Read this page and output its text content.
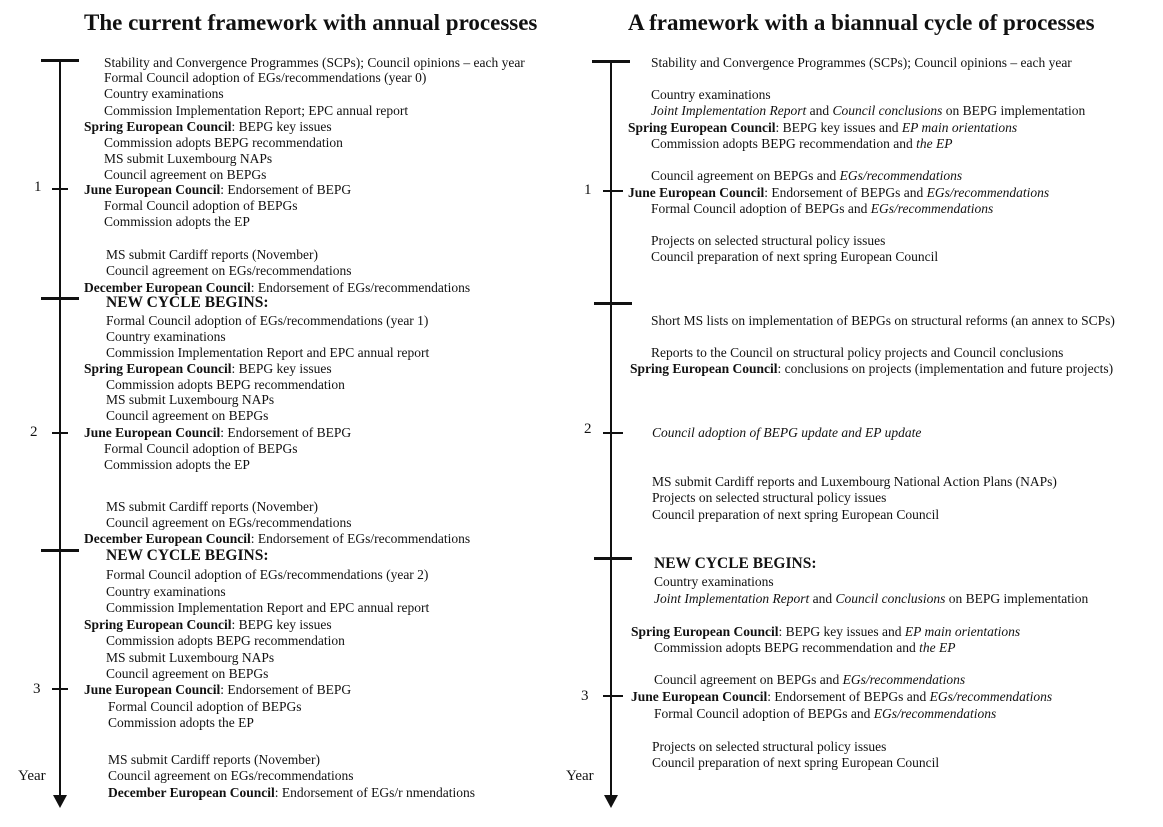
The current framework with annual processes
1
2
3
Year
Stability and Convergence Programmes (SCPs); Council opinions – each year
Formal Council adoption of EGs/recommendations (year 0)
Country examinations
Commission Implementation Report; EPC annual report
Spring European Council: BEPG key issues
Commission adopts BEPG recommendation
MS submit Luxembourg NAPs
Council agreement on BEPGs
June European Council: Endorsement of BEPG
Formal Council adoption of BEPGs
Commission adopts the EP
MS submit Cardiff reports (November)
Council agreement on EGs/recommendations
December European Council: Endorsement of EGs/recommendations
NEW CYCLE BEGINS:
Formal Council adoption of EGs/recommendations (year 1)
Country examinations
Commission Implementation Report and EPC annual report
Spring European Council: BEPG key issues
Commission adopts BEPG recommendation
MS submit Luxembourg NAPs
Council agreement on BEPGs
June European Council: Endorsement of BEPG
Formal Council adoption of BEPGs
Commission adopts the EP
MS submit Cardiff reports (November)
Council agreement on EGs/recommendations
December European Council: Endorsement of EGs/recommendations
NEW CYCLE BEGINS:
Formal Council adoption of EGs/recommendations (year 2)
Country examinations
Commission Implementation Report and EPC annual report
Spring European Council: BEPG key issues
Commission adopts BEPG recommendation
MS submit Luxembourg NAPs
Council agreement on BEPGs
June European Council: Endorsement of BEPG
Formal Council adoption of BEPGs
Commission adopts the EP
MS submit Cardiff reports (November)
Council agreement on EGs/recommendations
December European Council: Endorsement of EGs/r nmendations
A framework with a biannual cycle of processes
1
2
3
Year
Stability and Convergence Programmes (SCPs); Council opinions – each year
Country examinations
Joint Implementation Report and Council conclusions on BEPG implementation
Spring European Council: BEPG key issues and EP main orientations
Commission adopts BEPG recommendation and the EP
Council agreement on BEPGs and EGs/recommendations
June European Council: Endorsement of BEPGs and EGs/recommendations
Formal Council adoption of BEPGs and EGs/recommendations
Projects on selected structural policy issues
Council preparation of next spring European Council
Short MS lists on implementation of BEPGs on structural reforms (an annex to SCPs)
Reports to the Council on structural policy projects and Council conclusions
Spring European Council: conclusions on projects (implementation and future projects)
Council adoption of BEPG update and EP update
MS submit Cardiff reports and Luxembourg National Action Plans (NAPs)
Projects on selected structural policy issues
Council preparation of next spring European Council
NEW CYCLE BEGINS:
Country examinations
Joint Implementation Report and Council conclusions on BEPG implementation
Spring European Council: BEPG key issues and EP main orientations
Commission adopts BEPG recommendation and the EP
Council agreement on BEPGs and EGs/recommendations
June European Council: Endorsement of BEPGs and EGs/recommendations
Formal Council adoption of BEPGs and EGs/recommendations
Projects on selected structural policy issues
Council preparation of next spring European Council
